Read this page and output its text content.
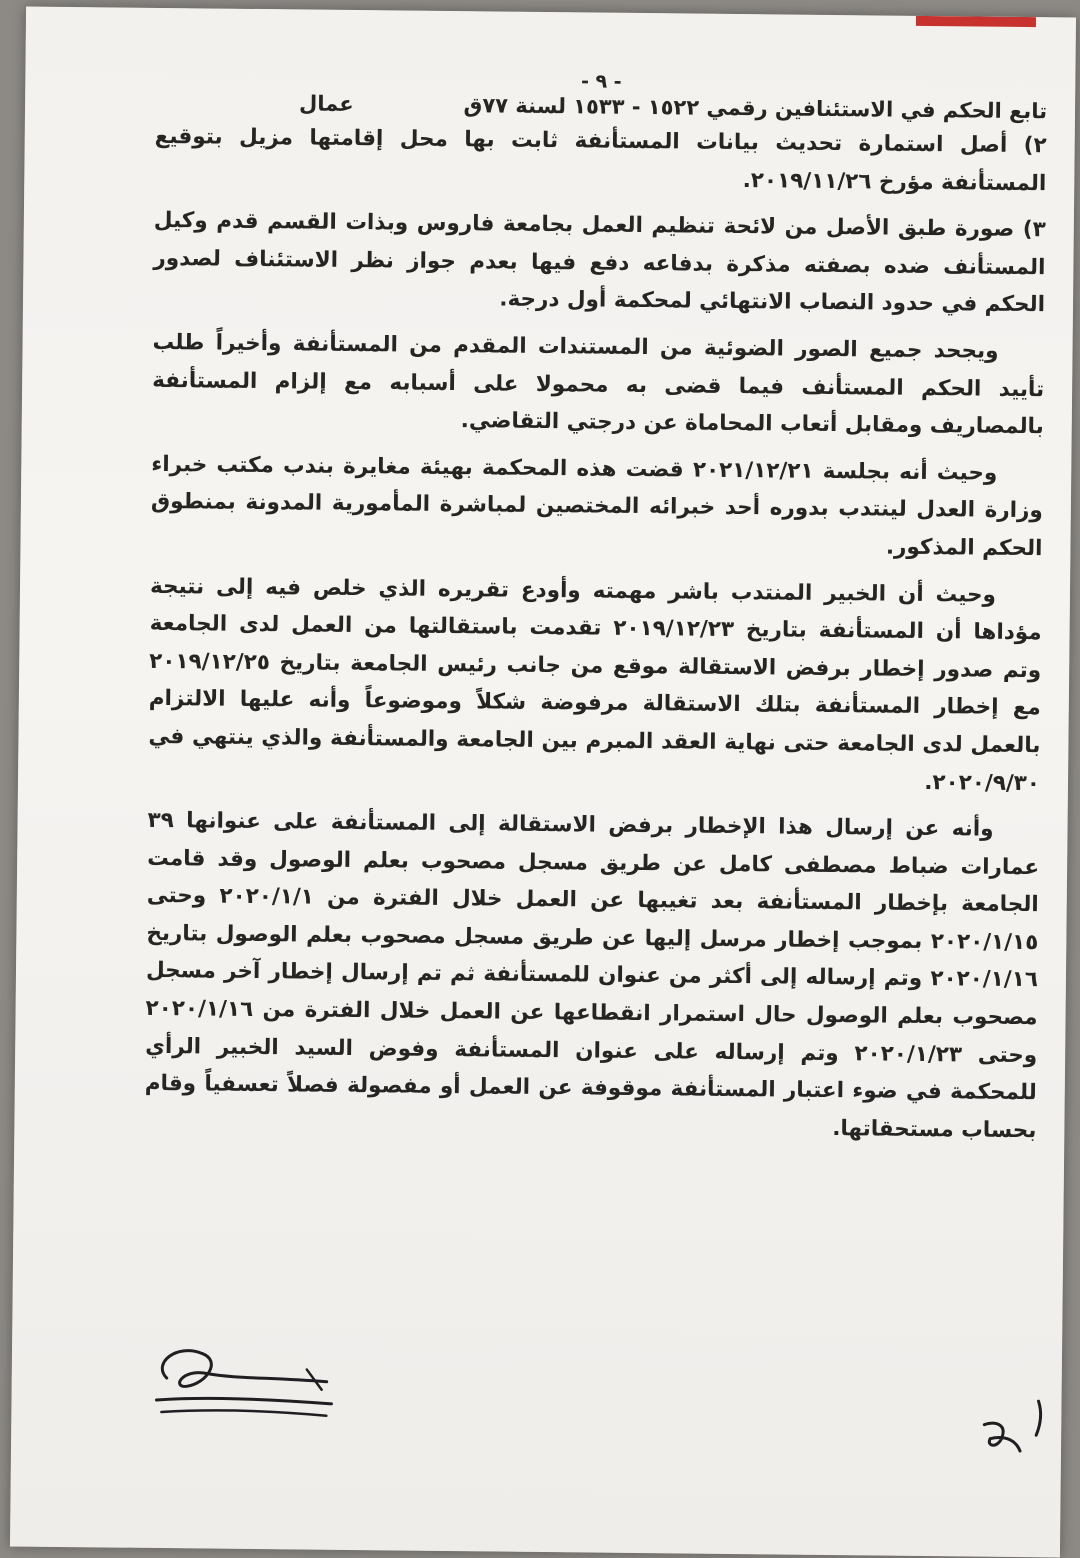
- ٩ -
تابع الحكم في الاستئنافين رقمي ١٥٢٢ - ١٥٣٣ لسنة ٧٧ق
عمال

٢) أصل استمارة تحديث بيانات المستأنفة ثابت بها محل إقامتها مزيل بتوقيع المستأنفة مؤرخ ٢٠١٩/١١/٢٦.

٣) صورة طبق الأصل من لائحة تنظيم العمل بجامعة فاروس وبذات القسم قدم وكيل المستأنف ضده بصفته مذكرة بدفاعه دفع فيها بعدم جواز نظر الاستئناف لصدور الحكم في حدود النصاب الانتهائي لمحكمة أول درجة.

ويجحد جميع الصور الضوئية من المستندات المقدم من المستأنفة وأخيراً طلب تأييد الحكم المستأنف فيما قضى به محمولا على أسبابه مع إلزام المستأنفة بالمصاريف ومقابل أتعاب المحاماة عن درجتي التقاضي.

وحيث أنه بجلسة ٢٠٢١/١٢/٢١ قضت هذه المحكمة بهيئة مغايرة بندب مكتب خبراء وزارة العدل لينتدب بدوره أحد خبرائه المختصين لمباشرة المأمورية المدونة بمنطوق الحكم المذكور.

وحيث أن الخبير المنتدب باشر مهمته وأودع تقريره الذي خلص فيه إلى نتيجة مؤداها أن المستأنفة بتاريخ ٢٠١٩/١٢/٢٣ تقدمت باستقالتها من العمل لدى الجامعة وتم صدور إخطار برفض الاستقالة موقع من جانب رئيس الجامعة بتاريخ ٢٠١٩/١٢/٢٥ مع إخطار المستأنفة بتلك الاستقالة مرفوضة شكلاً وموضوعاً وأنه عليها الالتزام بالعمل لدى الجامعة حتى نهاية العقد المبرم بين الجامعة والمستأنفة والذي ينتهي في ٢٠٢٠/٩/٣٠.

وأنه عن إرسال هذا الإخطار برفض الاستقالة إلى المستأنفة على عنوانها ٣٩ عمارات ضباط مصطفى كامل عن طريق مسجل مصحوب بعلم الوصول وقد قامت الجامعة بإخطار المستأنفة بعد تغيبها عن العمل خلال الفترة من ٢٠٢٠/١/١ وحتى ٢٠٢٠/١/١٥ بموجب إخطار مرسل إليها عن طريق مسجل مصحوب بعلم الوصول بتاريخ ٢٠٢٠/١/١٦ وتم إرساله إلى أكثر من عنوان للمستأنفة ثم تم إرسال إخطار آخر مسجل مصحوب بعلم الوصول حال استمرار انقطاعها عن العمل خلال الفترة من ٢٠٢٠/١/١٦ وحتى ٢٠٢٠/١/٢٣ وتم إرساله على عنوان المستأنفة وفوض السيد الخبير الرأي للمحكمة في ضوء اعتبار المستأنفة موقوفة عن العمل أو مفصولة فصلاً تعسفياً وقام بحساب مستحقاتها.
